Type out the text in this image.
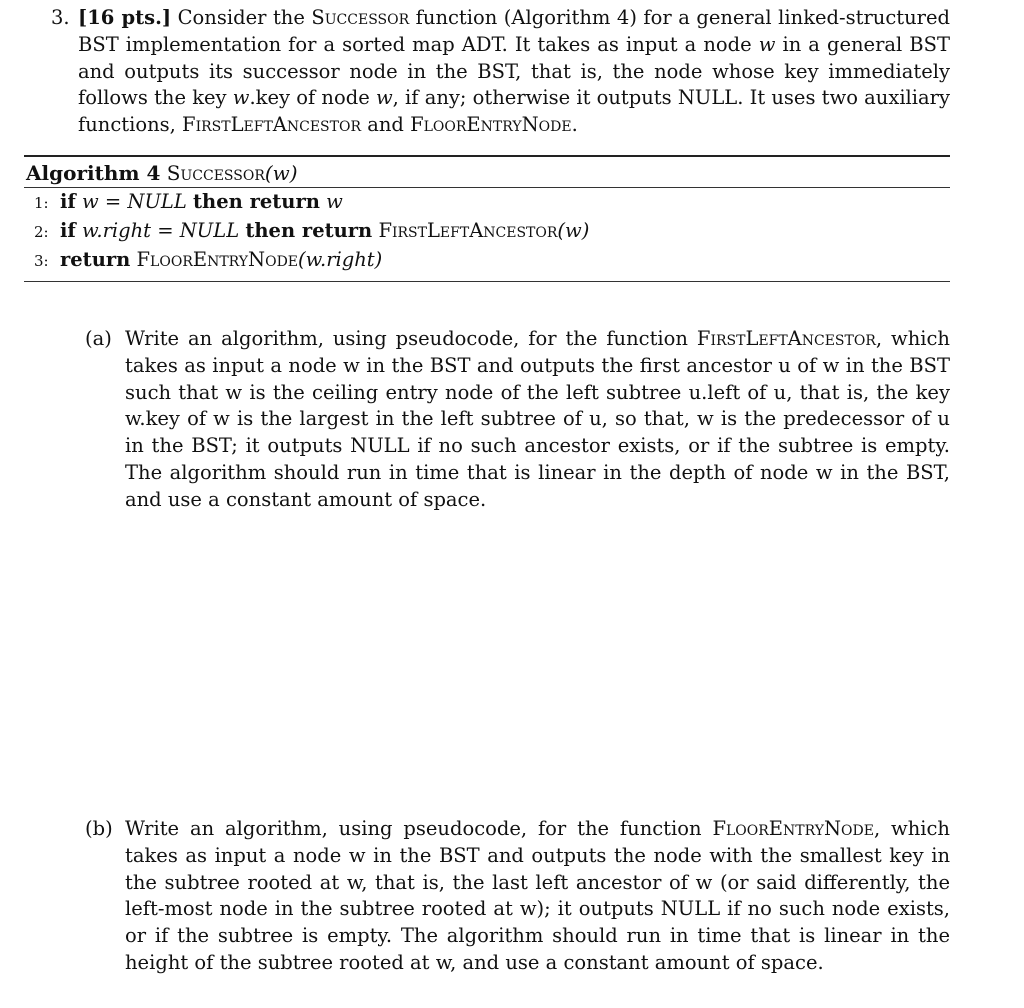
3. [16 pts.] Consider the Successor function (Algorithm 4) for a general linked-structured BST implementation for a sorted map ADT. It takes as input a node w in a general BST and outputs its successor node in the BST, that is, the node whose key immediately follows the key w.key of node w, if any; otherwise it outputs NULL. It uses two auxiliary functions, FirstLeftAncestor and FloorEntryNode.
Algorithm 4 Successor(w)
1: if
w = NULL
then return
w
2: if
w.right = NULL
then return
FirstLeftAncestor (w)
3: return
FloorEntryNode (w.right)
(a) Write an algorithm, using pseudocode, for the function FirstLeftAncestor, which takes as input a node w in the BST and outputs the first ancestor u of w in the BST such that w is the ceiling entry node of the left subtree u.left of u, that is, the key w.key of w is the largest in the left subtree of u, so that, w is the predecessor of u in the BST; it outputs NULL if no such ancestor exists, or if the subtree is empty. The algorithm should run in time that is linear in the depth of node w in the BST, and use a constant amount of space.
(b) Write an algorithm, using pseudocode, for the function FloorEntryNode, which takes as input a node w in the BST and outputs the node with the smallest key in the subtree rooted at w, that is, the last left ancestor of w (or said differently, the left-most node in the subtree rooted at w); it outputs NULL if no such node exists, or if the subtree is empty. The algorithm should run in time that is linear in the height of the subtree rooted at w, and use a constant amount of space.
